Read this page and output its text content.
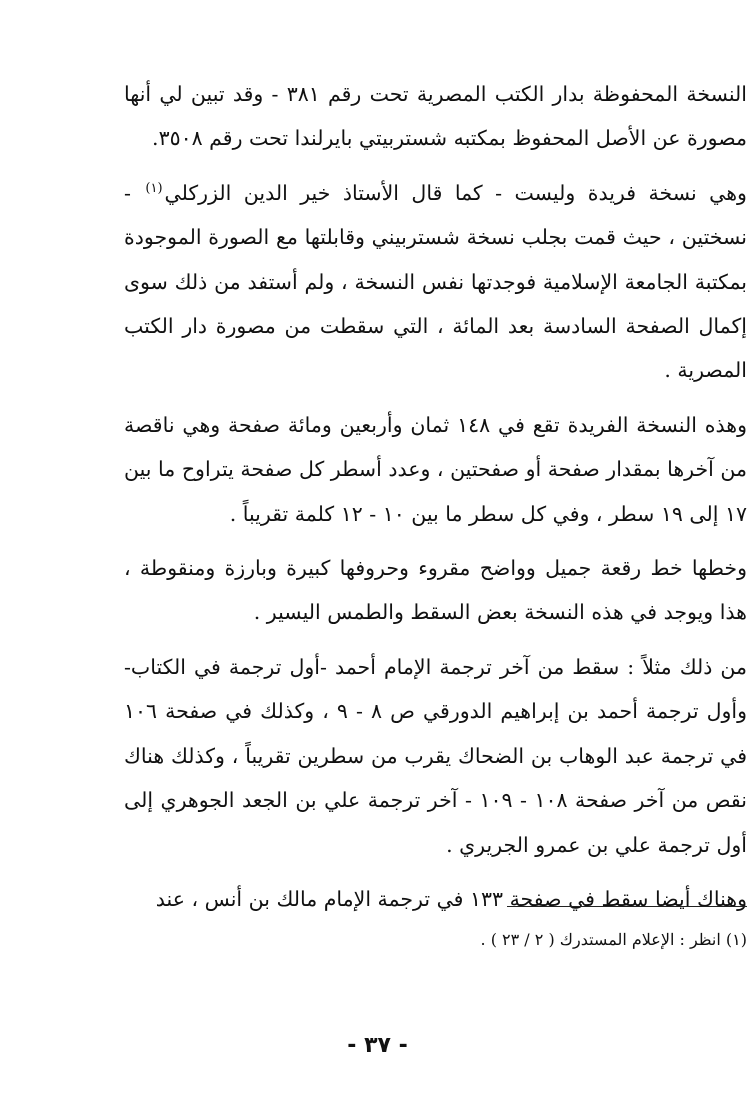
النسخة المحفوظة بدار الكتب المصرية تحت رقم ٣٨١ - وقد تبين لي أنها مصورة عن الأصل المحفوظ بمكتبه شستربيتي بايرلندا تحت رقم ٣٥٠٨.

وهي نسخة فريدة وليست - كما قال الأستاذ خير الدين الزركلي$^{(١)}$ - نسختين ، حيث قمت بجلب نسخة شستربيني وقابلتها مع الصورة الموجودة بمكتبة الجامعة الإسلامية فوجدتها نفس النسخة ، ولم أستفد من ذلك سوى إكمال الصفحة السادسة بعد المائة ، التي سقطت من مصورة دار الكتب المصرية .

وهذه النسخة الفريدة تقع في ١٤٨ ثمان وأربعين ومائة صفحة وهي ناقصة من آخرها بمقدار صفحة أو صفحتين ، وعدد أسطر كل صفحة يتراوح ما بين ١٧ إلى ١٩ سطر ، وفي كل سطر ما بين ١٠ - ١٢ كلمة تقريباً .

وخطها خط رقعة جميل وواضح مقروء وحروفها كبيرة وبارزة ومنقوطة ، هذا ويوجد في هذه النسخة بعض السقط والطمس اليسير .

من ذلك مثلاً : سقط من آخر ترجمة الإمام أحمد -أول ترجمة في الكتاب- وأول ترجمة أحمد بن إبراهيم الدورقي ص ٨ - ٩ ، وكذلك في صفحة ١٠٦ في ترجمة عبد الوهاب بن الضحاك يقرب من سطرين تقريباً ، وكذلك هناك نقص من آخر صفحة ١٠٨ - ١٠٩ - آخر ترجمة علي بن الجعد الجوهري إلى أول ترجمة علي بن عمرو الجريري .

وهناك أيضا سقط في صفحة ١٣٣ في ترجمة الإمام مالك بن أنس ، عند

(١) انظر : الإعلام المستدرك ( ٢ / ٢٣ ) .

- ٣٧ -
